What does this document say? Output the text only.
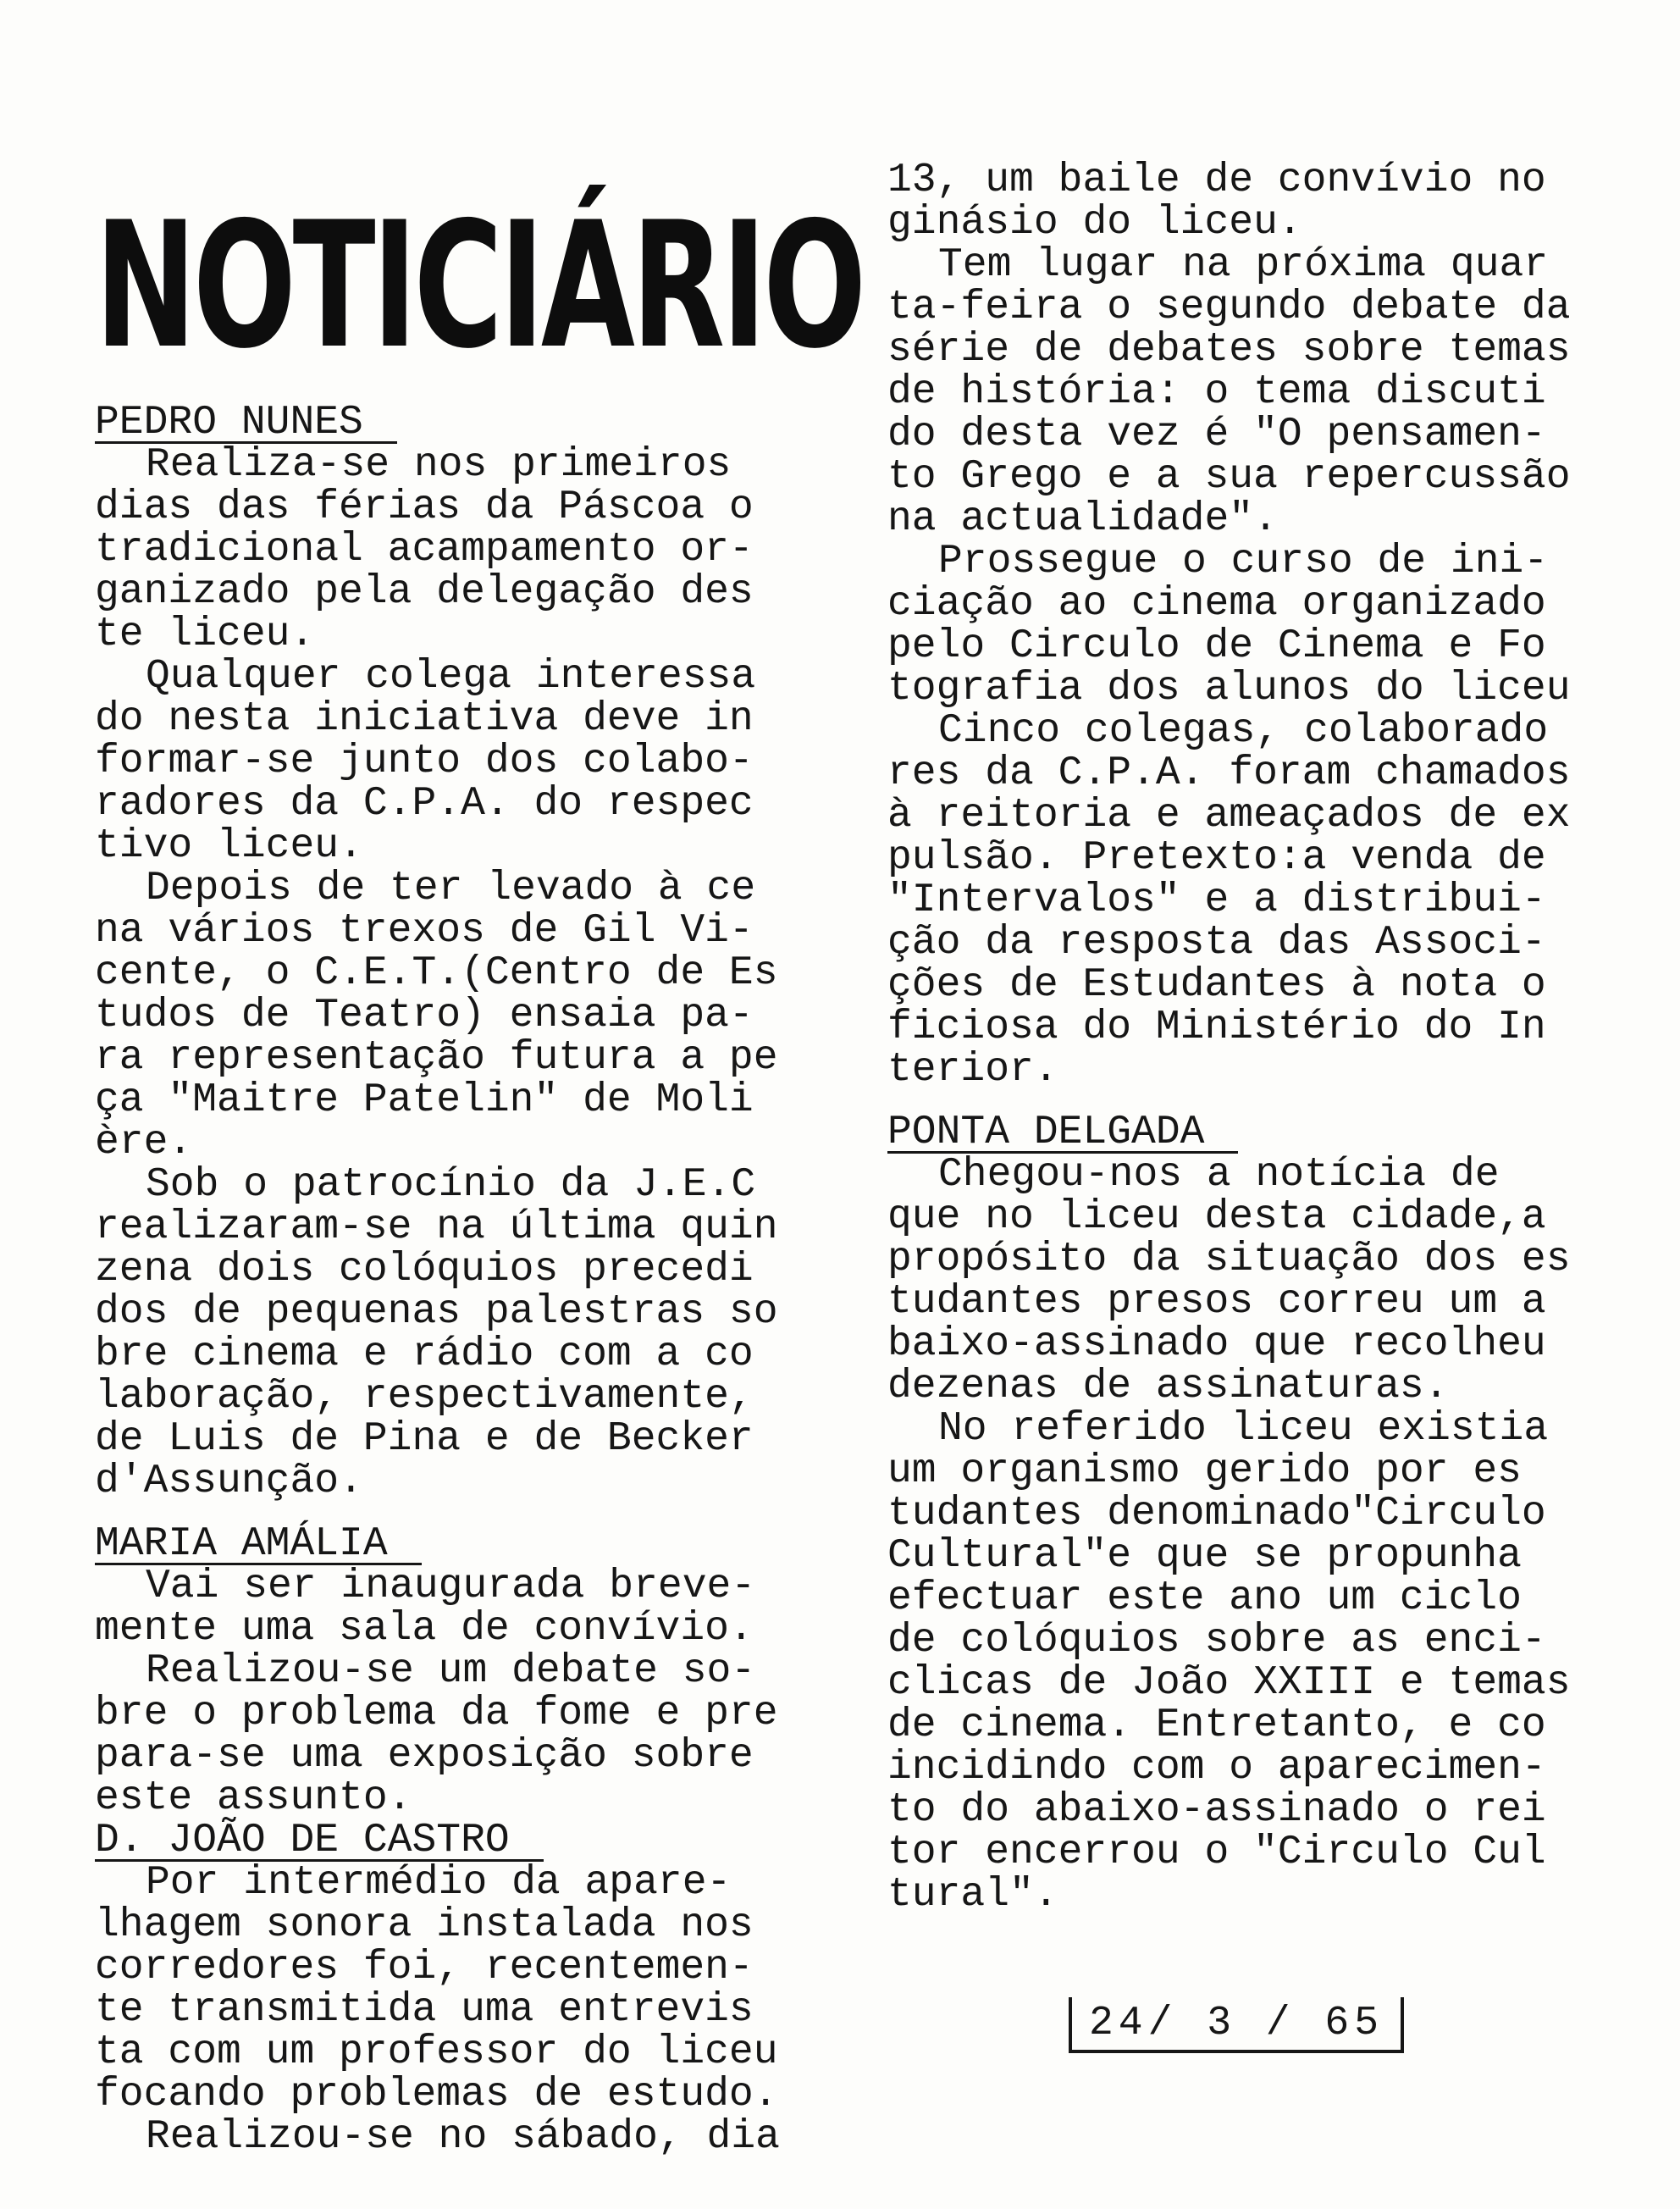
NOTICIÁRIO
PEDRO NUNES
Realiza-se nos primeiros
dias das férias da Páscoa o
tradicional acampamento or-
ganizado pela delegação des
te liceu.
Qualquer colega interessa
do nesta iniciativa deve in
formar-se junto dos colabo-
radores da C.P.A. do respec
tivo liceu.
Depois de ter levado à ce
na vários trexos de Gil Vi-
cente, o C.E.T.(Centro de Es
tudos de Teatro) ensaia pa-
ra representação futura a pe
ça "Maitre Patelin" de Moli
ère.
Sob o patrocínio da J.E.C
realizaram-se na última quin
zena dois colóquios precedi
dos de pequenas palestras so
bre cinema e rádio com a co
laboração, respectivamente,
de Luis de Pina e de Becker
d'Assunção.
MARIA AMÁLIA
Vai ser inaugurada breve-
mente uma sala de convívio.
Realizou-se um debate so-
bre o problema da fome e pre
para-se uma exposição sobre
este assunto.
D. JOÃO DE CASTRO
Por intermédio da apare-
lhagem sonora instalada nos
corredores foi, recentemen-
te transmitida uma entrevis
ta com um professor do liceu
focando problemas de estudo.
Realizou-se no sábado, dia
13, um baile de convívio no
ginásio do liceu.
Tem lugar na próxima quar
ta-feira o segundo debate da
série de debates sobre temas
de história: o tema discuti
do desta vez é "O pensamen-
to Grego e a sua repercussão
na actualidade".
Prossegue o curso de ini-
ciação ao cinema organizado
pelo Circulo de Cinema e Fo
tografia dos alunos do liceu
Cinco colegas, colaborado
res da C.P.A. foram chamados
à reitoria e ameaçados de ex
pulsão. Pretexto:a venda de
"Intervalos" e a distribui-
ção da resposta das Associ-
ções de Estudantes à nota o
ficiosa do Ministério do In
terior.
PONTA DELGADA
Chegou-nos a notícia de
que no liceu desta cidade,a
propósito da situação dos es
tudantes presos correu um a
baixo-assinado que recolheu
dezenas de assinaturas.
No referido liceu existia
um organismo gerido por es
tudantes denominado"Circulo
Cultural"e que se propunha
efectuar este ano um ciclo
de colóquios sobre as enci-
clicas de João XXIII e temas
de cinema. Entretanto, e co
incidindo com o aparecimen-
to do abaixo-assinado o rei
tor encerrou o "Circulo Cul
tural".
24/ 3 / 65
